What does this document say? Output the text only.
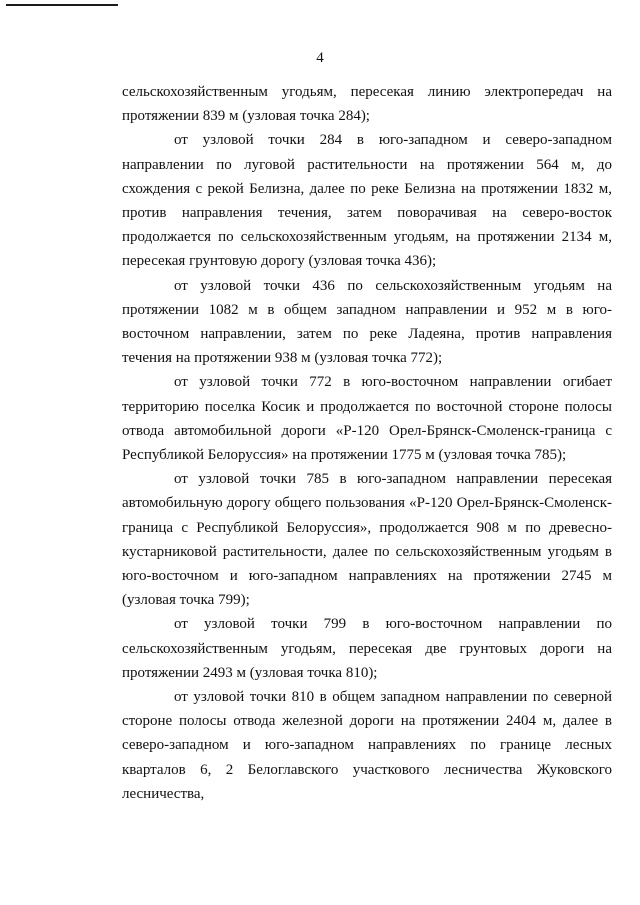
4

сельскохозяйственным угодьям, пересекая линию электропередач на протяжении 839 м (узловая точка 284);

от узловой точки 284 в юго-западном и северо-западном направлении по луговой растительности на протяжении 564 м, до схождения с рекой Белизна, далее по реке Белизна на протяжении 1832 м, против направления течения, затем поворачивая на северо-восток продолжается по сельскохозяйственным угодьям, на протяжении 2134 м, пересекая грунтовую дорогу (узловая точка 436);

от узловой точки 436 по сельскохозяйственным угодьям на протяжении 1082 м в общем западном направлении и 952 м в юго-восточном направлении, затем по реке Ладеяна, против направления течения на протяжении 938 м (узловая точка 772);

от узловой точки 772 в юго-восточном направлении огибает территорию поселка Косик и продолжается по восточной стороне полосы отвода автомобильной дороги «Р-120 Орел-Брянск-Смоленск-граница с Республикой Белоруссия» на протяжении 1775 м (узловая точка 785);

от узловой точки 785 в юго-западном направлении пересекая автомобильную дорогу общего пользования «Р-120 Орел-Брянск-Смоленск-граница с Республикой Белоруссия», продолжается 908 м по древесно-кустарниковой растительности, далее по сельскохозяйственным угодьям в юго-восточном и юго-западном направлениях на протяжении 2745 м (узловая точка 799);

от узловой точки 799 в юго-восточном направлении по сельскохозяйственным угодьям, пересекая две грунтовых дороги на протяжении 2493 м (узловая точка 810);

от узловой точки 810 в общем западном направлении по северной стороне полосы отвода железной дороги на протяжении 2404 м, далее в северо-западном и юго-западном направлениях по границе лесных кварталов 6, 2 Белоглавского участкового лесничества Жуковского лесничества,
